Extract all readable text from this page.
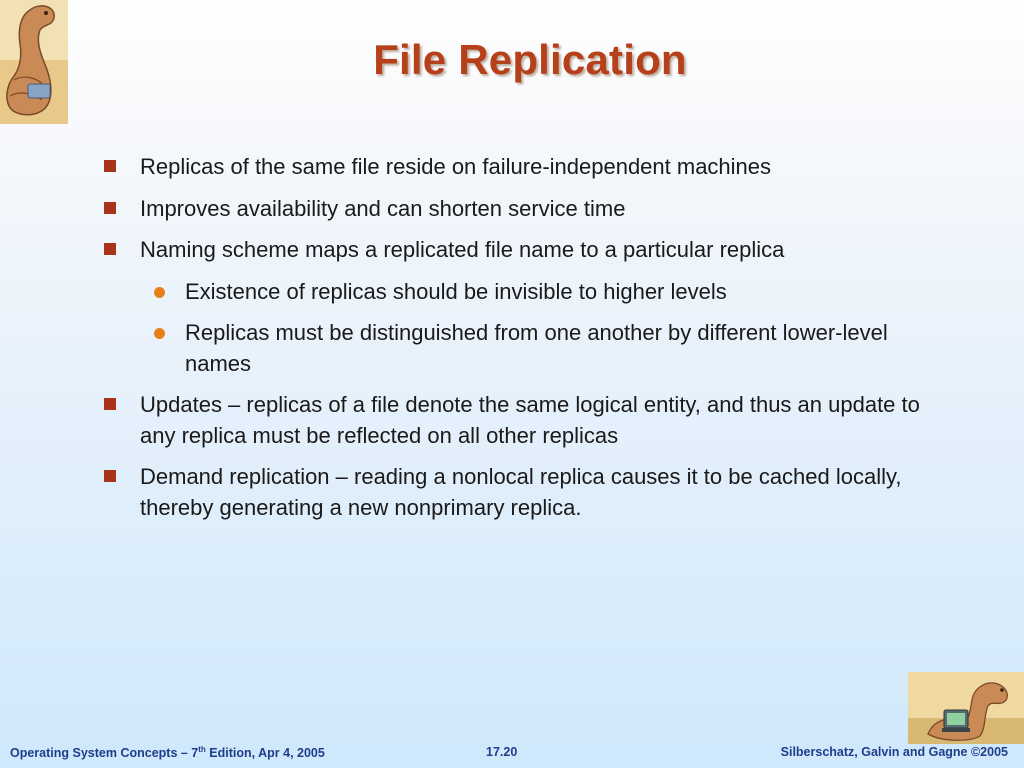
File Replication
Replicas of the same file reside on failure-independent machines
Improves availability and can shorten service time
Naming scheme maps a replicated file name to a particular replica
Existence of replicas should be invisible to higher levels
Replicas must be distinguished from one another by different lower-level names
Updates – replicas of a file denote the same logical entity, and thus an update to any replica must be reflected on all other replicas
Demand replication – reading a nonlocal replica causes it to be cached locally, thereby generating a new nonprimary replica.
Operating System Concepts – 7th Edition, Apr 4, 2005	17.20	Silberschatz, Galvin and Gagne ©2005
